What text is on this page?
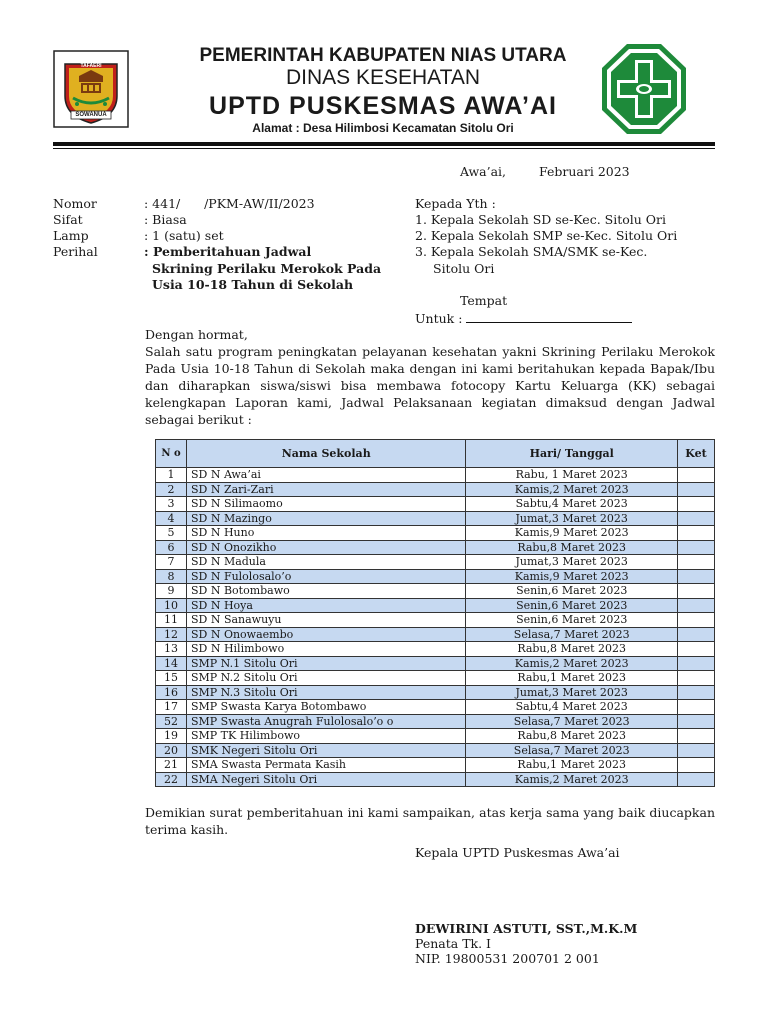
TAFAERI
SOWANUA
PEMERINTAH KABUPATEN NIAS UTARA
DINAS KESEHATAN
UPTD PUSKESMAS AWA’AI
Alamat : Desa Hilimbosi Kecamatan Sitolu Ori
Awa’ai,	Februari 2023
Nomor	: 441/      /PKM-AW/II/2023
Sifat	: Biasa
Lamp	: 1 (satu) set
Perihal	: Pemberitahuan Jadwal
Skrining Perilaku Merokok Pada
Usia 10-18 Tahun di Sekolah
Kepada Yth :
1. Kepala Sekolah SD se-Kec. Sitolu Ori
2. Kepala Sekolah SMP se-Kec. Sitolu Ori
3. Kepala Sekolah SMA/SMK se-Kec.
Sitolu Ori
Tempat
Untuk :
Dengan hormat,
Salah satu program peningkatan pelayanan kesehatan yakni Skrining Perilaku Merokok Pada Usia 10-18 Tahun di Sekolah maka dengan ini kami beritahukan kepada Bapak/Ibu dan diharapkan siswa/siswi bisa membawa fotocopy Kartu Keluarga (KK) sebagai kelengkapan Laporan kami, Jadwal Pelaksanaan kegiatan dimaksud dengan Jadwal sebagai berikut :
N o	Nama Sekolah	Hari/ Tanggal	Ket
1	SD N Awa’ai	Rabu, 1 Maret 2023	
2	SD N Zari-Zari	Kamis,2 Maret 2023	
3	SD N Silimaomo	Sabtu,4 Maret 2023	
4	SD N Mazingo	Jumat,3 Maret 2023	
5	SD N Huno	Kamis,9 Maret 2023	
6	SD N Onozikho	Rabu,8 Maret 2023	
7	SD N Madula	Jumat,3 Maret 2023	
8	SD N Fulolosalo’o	Kamis,9 Maret 2023	
9	SD N Botombawo	Senin,6 Maret 2023	
10	SD N Hoya	Senin,6 Maret 2023	
11	SD N Sanawuyu	Senin,6 Maret 2023	
12	SD N Onowaembo	Selasa,7 Maret 2023	
13	SD N Hilimbowo	Rabu,8 Maret 2023	
14	SMP N.1 Sitolu Ori	Kamis,2 Maret 2023	
15	SMP N.2 Sitolu Ori	Rabu,1 Maret 2023	
16	SMP N.3 Sitolu Ori	Jumat,3 Maret 2023	
17	SMP Swasta Karya Botombawo	Sabtu,4 Maret 2023	
52	SMP Swasta Anugrah Fulolosalo’o o	Selasa,7 Maret 2023	
19	SMP TK Hilimbowo	Rabu,8 Maret 2023	
20	SMK Negeri Sitolu Ori	Selasa,7 Maret 2023	
21	SMA Swasta Permata Kasih	Rabu,1 Maret 2023	
22	SMA Negeri Sitolu Ori	Kamis,2 Maret 2023	
Demikian surat pemberitahuan ini kami sampaikan, atas kerja sama yang baik diucapkan terima kasih.
Kepala UPTD Puskesmas Awa’ai
DEWIRINI ASTUTI, SST.,M.K.M
Penata Tk. I
NIP. 19800531 200701 2 001
